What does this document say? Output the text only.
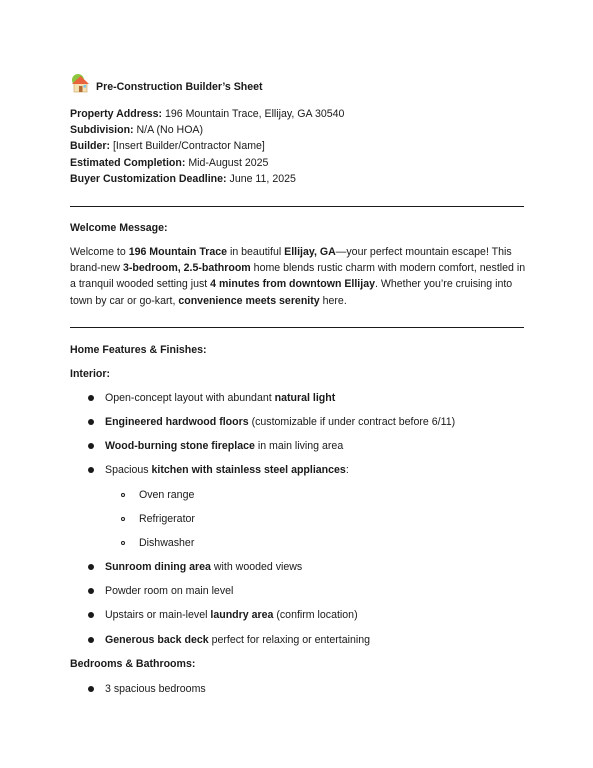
Pre-Construction Builder’s Sheet
Property Address: 196 Mountain Trace, Ellijay, GA 30540
Subdivision: N/A (No HOA)
Builder: [Insert Builder/Contractor Name]
Estimated Completion: Mid-August 2025
Buyer Customization Deadline: June 11, 2025
Welcome Message:

Welcome to 196 Mountain Trace in beautiful Ellijay, GA—your perfect mountain escape! This brand-new 3-bedroom, 2.5-bathroom home blends rustic charm with modern comfort, nestled in a tranquil wooded setting just 4 minutes from downtown Ellijay. Whether you’re cruising into town by car or go-kart, convenience meets serenity here.

Home Features & Finishes:
Interior:
Open-concept layout with abundant natural light
Engineered hardwood floors (customizable if under contract before 6/11)
Wood-burning stone fireplace in main living area
Spacious kitchen with stainless steel appliances:
Oven range
Refrigerator
Dishwasher
Sunroom dining area with wooded views
Powder room on main level
Upstairs or main-level laundry area (confirm location)
Generous back deck perfect for relaxing or entertaining
Bedrooms & Bathrooms:
3 spacious bedrooms
